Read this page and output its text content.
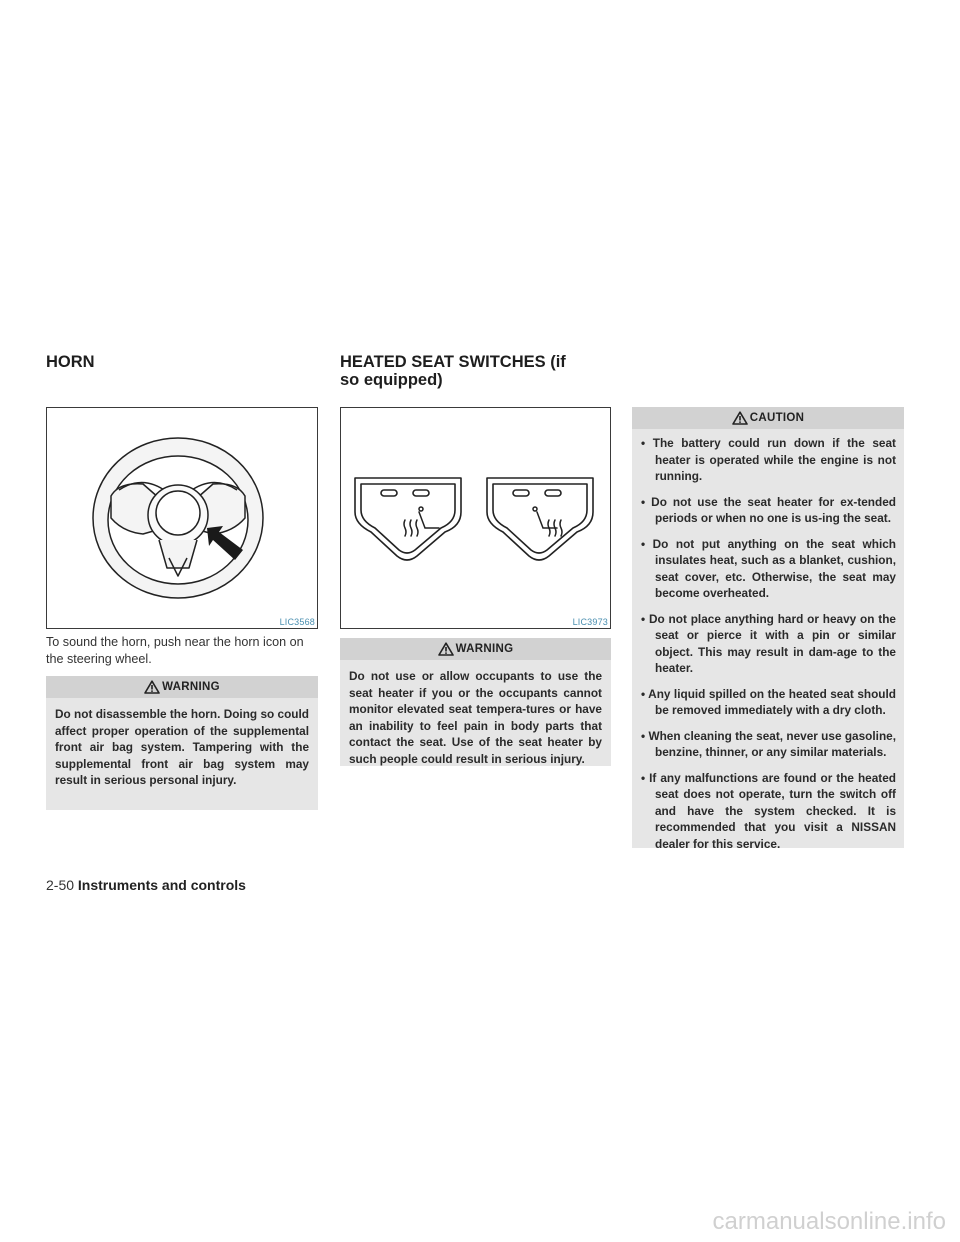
HORN	HEATED SEAT SWITCHES (if so equipped)
LIC3568	LIC3973
To sound the horn, push near the horn icon on the steering wheel.
WARNING
Do not disassemble the horn. Doing so could affect proper operation of the supplemental front air bag system. Tampering with the supplemental front air bag system may result in serious personal injury.
WARNING
Do not use or allow occupants to use the seat heater if you or the occupants cannot monitor elevated seat tempera-tures or have an inability to feel pain in body parts that contact the seat. Use of the seat heater by such people could result in serious injury.
CAUTION
• The battery could run down if the seat heater is operated while the engine is not running.
• Do not use the seat heater for ex-tended periods or when no one is us-ing the seat.
• Do not put anything on the seat which insulates heat, such as a blanket, cushion, seat cover, etc. Otherwise, the seat may become overheated.
• Do not place anything hard or heavy on the seat or pierce it with a pin or similar object. This may result in dam-age to the heater.
• Any liquid spilled on the heated seat should be removed immediately with a dry cloth.
• When cleaning the seat, never use gasoline, benzine, thinner, or any similar materials.
• If any malfunctions are found or the heated seat does not operate, turn the switch off and have the system checked. It is recommended that you visit a NISSAN dealer for this service.
2-50 Instruments and controls
carmanualsonline.info
